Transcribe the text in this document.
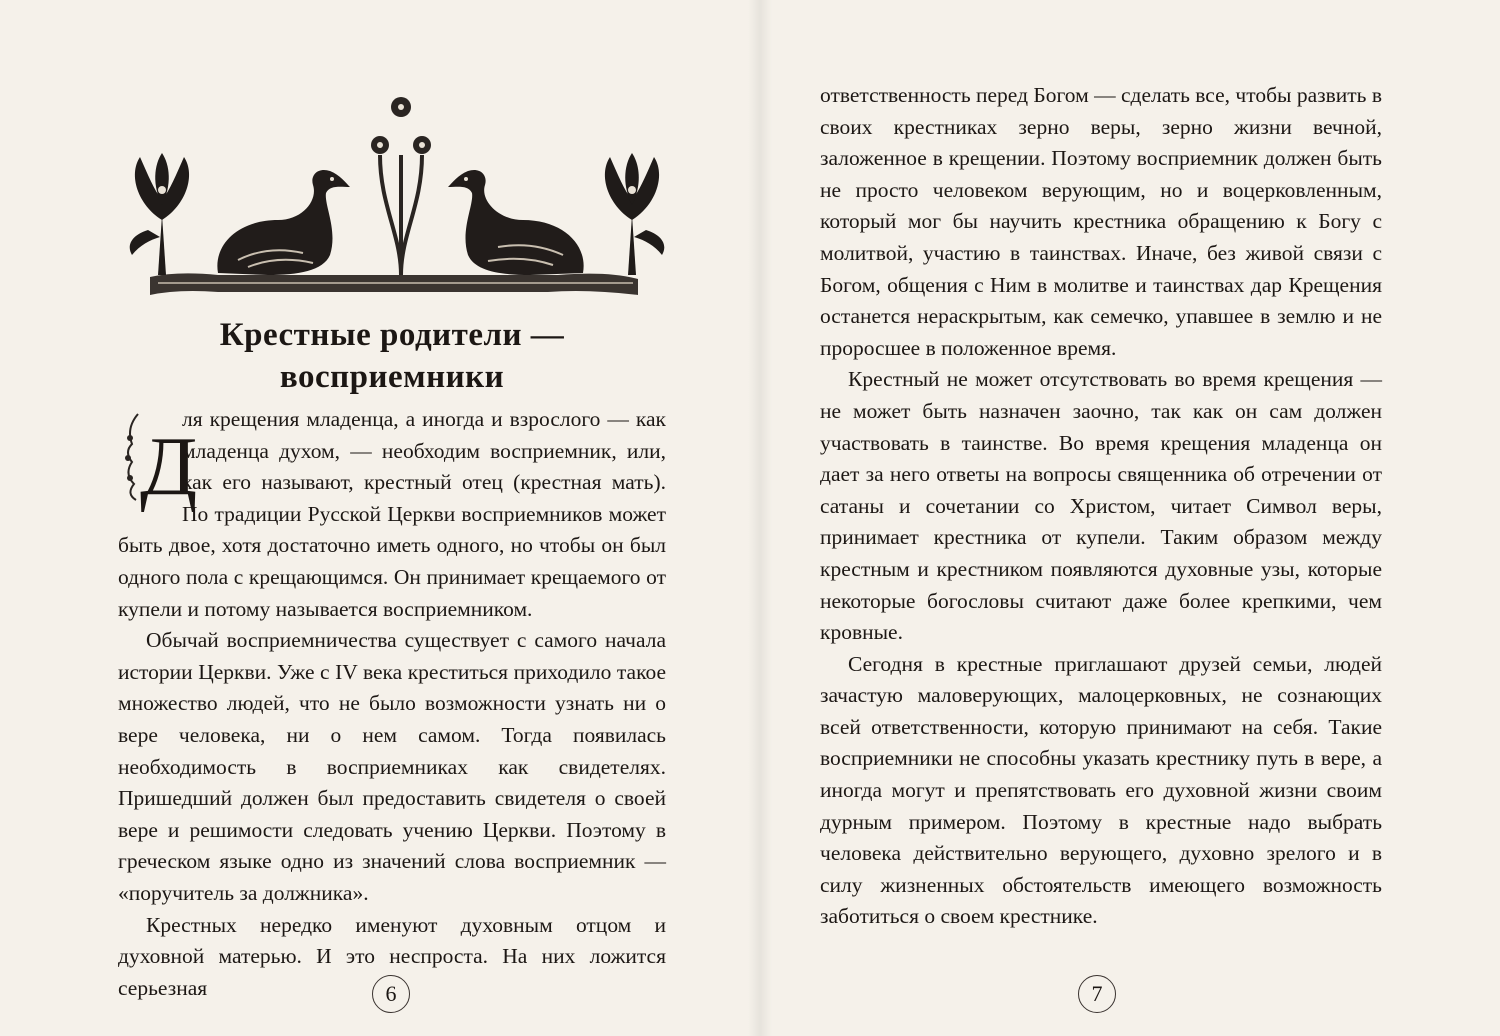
Крестные родители —
восприемники

Д
ля крещения младенца, а иногда и взрослого — как младенца духом, — необходим восприемник, или, как его называют, крестный отец (крестная мать). По традиции Русской Церкви восприемников может быть двое, хотя достаточно иметь одного, но чтобы он был одного пола с крещающимся. Он принимает крещаемого от купели и потому называется восприемником.

Обычай восприемничества существует с самого начала истории Церкви. Уже с IV века креститься приходило такое множество людей, что не было возможности узнать ни о вере человека, ни о нем самом. Тогда появилась необходимость в восприемниках как свидетелях. Пришедший должен был предоставить свидетеля о своей вере и решимости следовать учению Церкви. Поэтому в греческом языке одно из значений слова восприемник — «поручитель за должника».

Крестных нередко именуют духовным отцом и духовной матерью. И это неспроста. На них ложится серьезная	6

ответственность перед Богом — сделать все, чтобы развить в своих крестниках зерно веры, зерно жизни вечной, заложенное в крещении. Поэтому восприемник должен быть не просто человеком верующим, но и воцерковленным, который мог бы научить крестника обращению к Богу с молитвой, участию в таинствах. Иначе, без живой связи с Богом, общения с Ним в молитве и таинствах дар Крещения останется нераскрытым, как семечко, упавшее в землю и не проросшее в положенное время.

Крестный не может отсутствовать во время крещения — не может быть назначен заочно, так как он сам должен участвовать в таинстве. Во время крещения младенца он дает за него ответы на вопросы священника об отречении от сатаны и сочетании со Христом, читает Символ веры, принимает крестника от купели. Таким образом между крестным и крестником появляются духовные узы, которые некоторые богословы считают даже более крепкими, чем кровные.

Сегодня в крестные приглашают друзей семьи, людей зачастую маловерующих, малоцерковных, не сознающих всей ответственности, которую принимают на себя. Такие восприемники не способны указать крестнику путь в вере, а иногда могут и препятствовать его духовной жизни своим дурным примером. Поэтому в крестные надо выбрать человека действительно верующего, духовно зрелого и в силу жизненных обстоятельств имеющего возможность заботиться о своем крестнике.

7
